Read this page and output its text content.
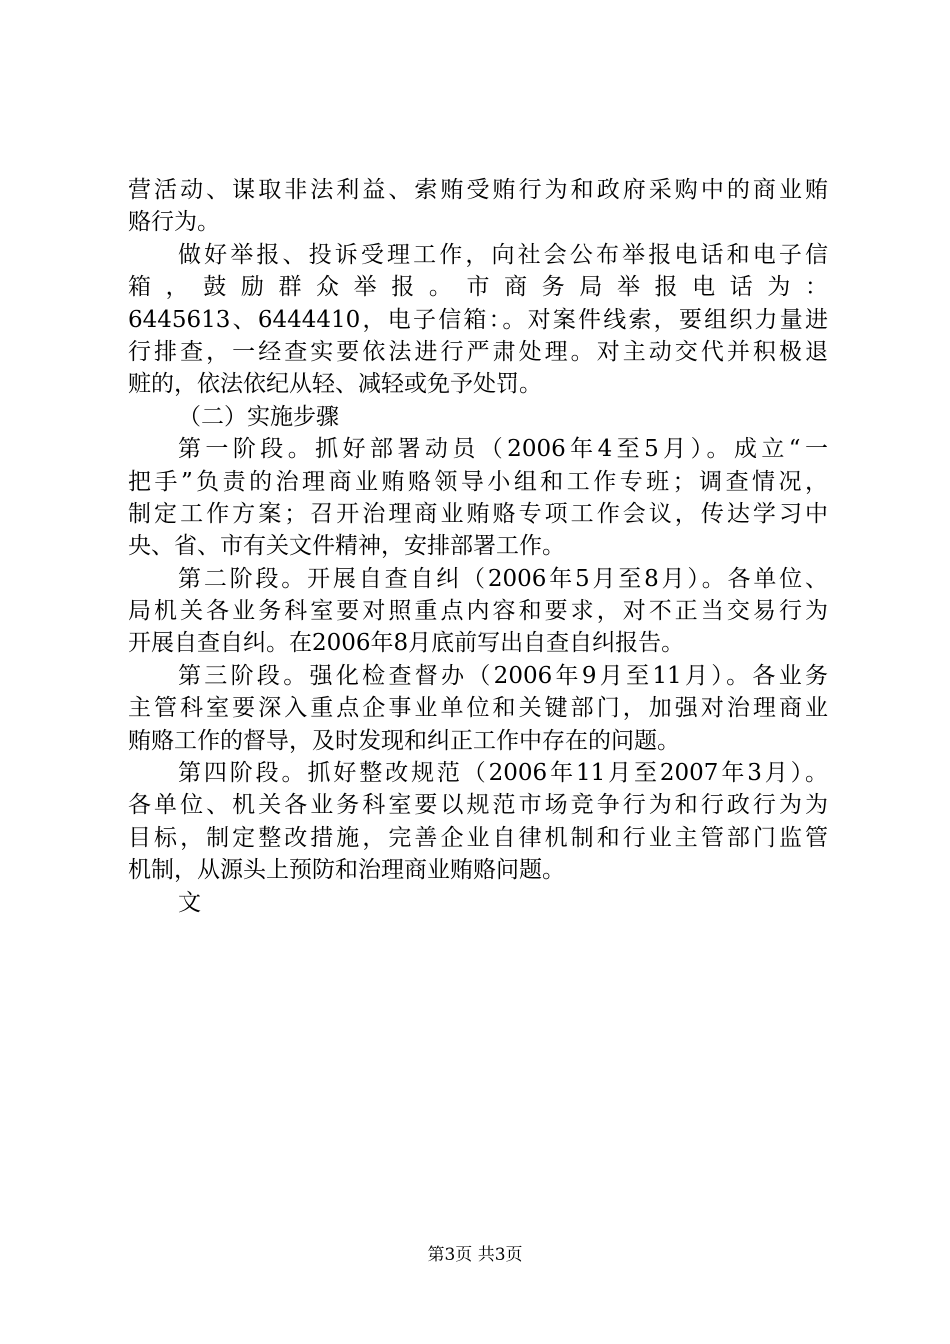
营活动、谋取非法利益、索贿受贿行为和政府采购中的商业贿
赂行为。
做好举报、投诉受理工作，向社会公布举报电话和电子信
箱，鼓励群众举报。市商务局举报电话为：
6445613、6444410，电子信箱：。对案件线索，要组织力量进
行排查，一经查实要依法进行严肃处理。对主动交代并积极退
赃的，依法依纪从轻、减轻或免予处罚。
（二）实施步骤
第一阶段。抓好部署动员（2006年4至5月）。成立“一
把手”负责的治理商业贿赂领导小组和工作专班；调查情况，
制定工作方案；召开治理商业贿赂专项工作会议，传达学习中
央、省、市有关文件精神，安排部署工作。
第二阶段。开展自查自纠（2006年5月至8月）。各单位、
局机关各业务科室要对照重点内容和要求，对不正当交易行为
开展自查自纠。在2006年8月底前写出自查自纠报告。
第三阶段。强化检查督办（2006年9月至11月）。各业务
主管科室要深入重点企事业单位和关键部门，加强对治理商业
贿赂工作的督导，及时发现和纠正工作中存在的问题。
第四阶段。抓好整改规范（2006年11月至2007年3月）。
各单位、机关各业务科室要以规范市场竞争行为和行政行为为
目标，制定整改措施，完善企业自律机制和行业主管部门监管
机制，从源头上预防和治理商业贿赂问题。
文
第3页 共3页
